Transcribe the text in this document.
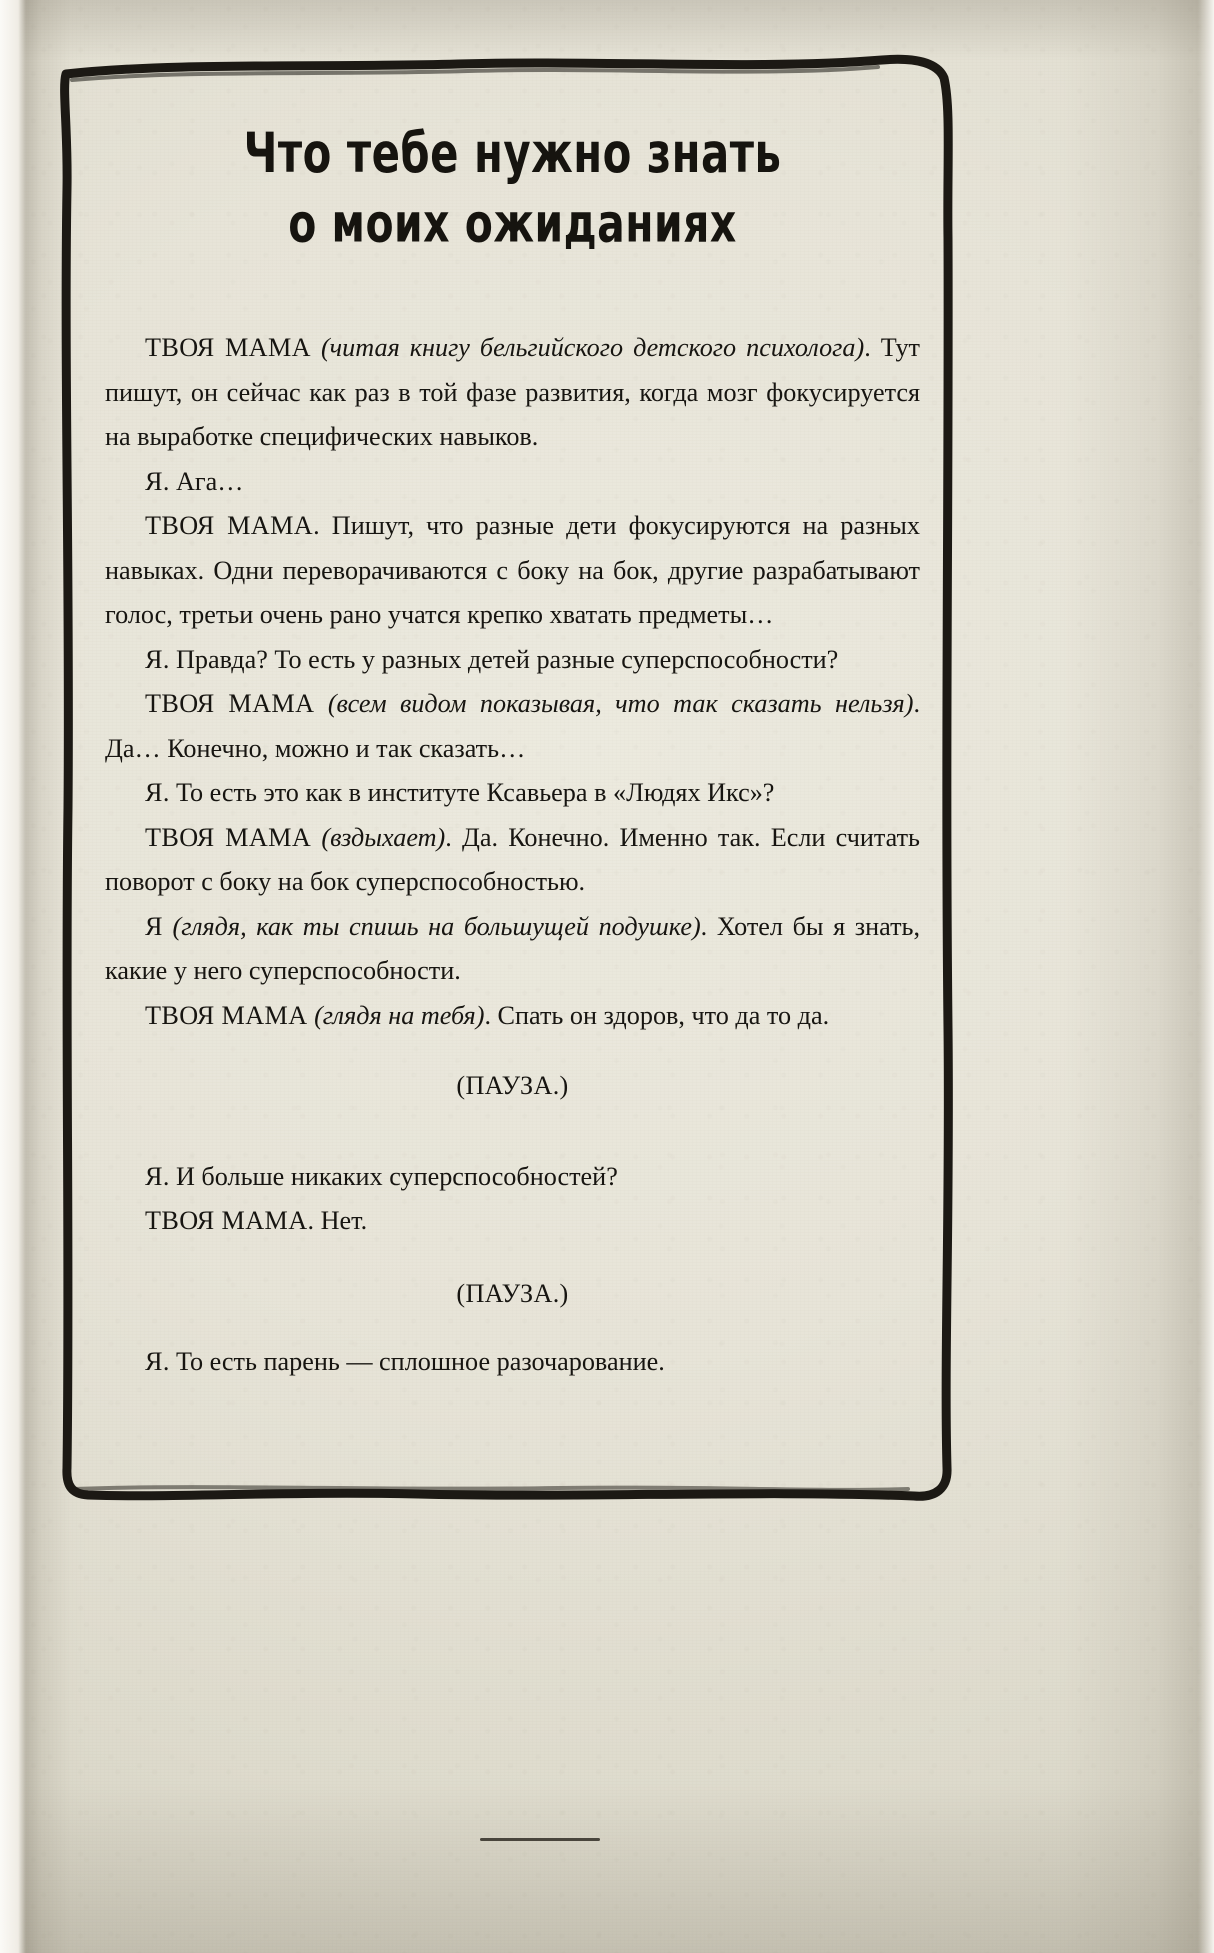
Что тебе нужно знать
о моих ожиданиях

ТВОЯ МАМА (читая книгу бельгийского детского психолога). Тут пишут, он сейчас как раз в той фазе развития, когда мозг фокусируется на выработке специфических навыков.

Я. Ага…

ТВОЯ МАМА. Пишут, что разные дети фокусируются на разных навыках. Одни переворачиваются с боку на бок, другие разрабатывают голос, третьи очень рано учатся крепко хватать предметы…

Я. Правда? То есть у разных детей разные суперспособности?

ТВОЯ МАМА (всем видом показывая, что так сказать нельзя). Да… Конечно, можно и так сказать…

Я. То есть это как в институте Ксавьера в «Людях Икс»?

ТВОЯ МАМА (вздыхает). Да. Конечно. Именно так. Если считать поворот с боку на бок суперспособностью.

Я (глядя, как ты спишь на большущей подушке). Хотел бы я знать, какие у него суперспособности.

ТВОЯ МАМА (глядя на тебя). Спать он здоров, что да то да.

(ПАУЗА.)

Я. И больше никаких суперспособностей?

ТВОЯ МАМА. Нет.

(ПАУЗА.)

Я. То есть парень — сплошное разочарование.
